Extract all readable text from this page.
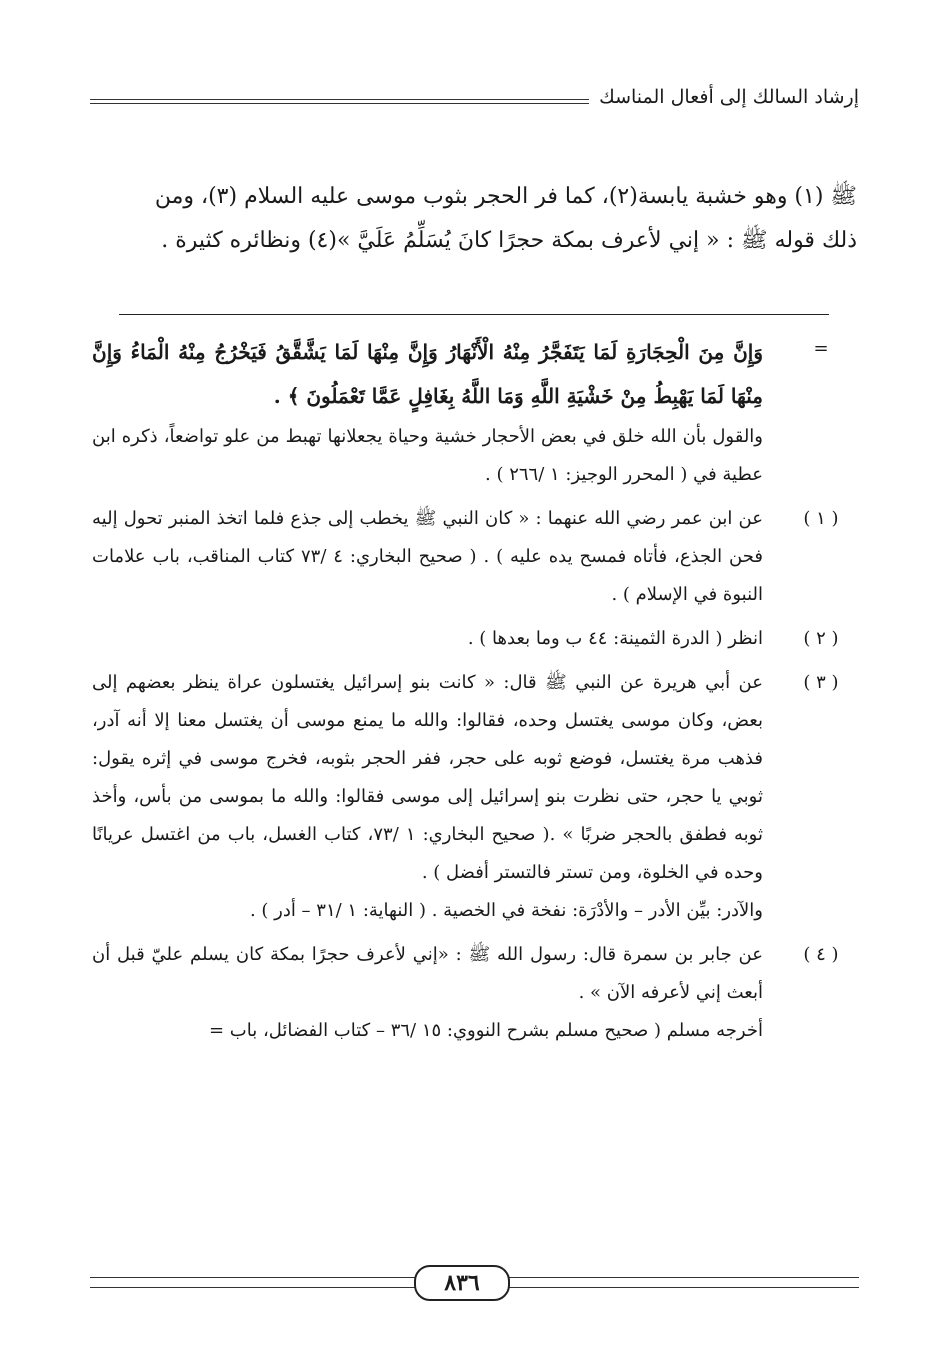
إرشاد السالك إلى أفعال المناسك

ﷺ (١) وهو خشبة يابسة(٢)، كما فر الحجر بثوب موسى عليه السلام (٣)، ومن

ذلك قوله ﷺ : « إني لأعرف بمكة حجرًا كانَ يُسَلِّمُ عَلَيَّ »(٤) ونظائره كثيرة .

=
وَإِنَّ مِنَ الْحِجَارَةِ لَمَا يَتَفَجَّرُ مِنْهُ الْأَنْهَارُ وَإِنَّ مِنْهَا لَمَا يَشَّقَّقُ فَيَخْرُجُ مِنْهُ الْمَاءُ وَإِنَّ مِنْهَا لَمَا يَهْبِطُ مِنْ خَشْيَةِ اللَّهِ وَمَا اللَّهُ بِغَافِلٍ عَمَّا تَعْمَلُونَ ﴾ .
والقول بأن الله خلق في بعض الأحجار خشية وحياة يجعلانها تهبط من علو تواضعاً، ذكره ابن عطية في ( المحرر الوجيز: ١ /٢٦٦ ) .
( ١ )
عن ابن عمر رضي الله عنهما : « كان النبي ﷺ يخطب إلى جذع فلما اتخذ المنبر تحول إليه فحن الجذع، فأتاه فمسح يده عليه ) . ( صحيح البخاري: ٤ /٧٣ كتاب المناقب، باب علامات النبوة في الإسلام ) .
( ٢ )
انظر ( الدرة الثمينة: ٤٤ ب وما بعدها ) .
( ٣ )
عن أبي هريرة عن النبي ﷺ قال: « كانت بنو إسرائيل يغتسلون عراة ينظر بعضهم إلى بعض، وكان موسى يغتسل وحده، فقالوا: والله ما يمنع موسى أن يغتسل معنا إلا أنه آدر، فذهب مرة يغتسل، فوضع ثوبه على حجر، ففر الحجر بثوبه، فخرج موسى في إثره يقول: ثوبي يا حجر، حتى نظرت بنو إسرائيل إلى موسى فقالوا: والله ما بموسى من بأس، وأخذ ثوبه فطفق بالحجر ضربًا » .( صحيح البخاري: ١ /٧٣، كتاب الغسل، باب من اغتسل عريانًا وحده في الخلوة، ومن تستر فالتستر أفضل ) .
والآدر: بيِّن الأدر – والأدْرَة: نفخة في الخصية . ( النهاية: ١ /٣١ – أدر ) .
( ٤ )
عن جابر بن سمرة قال: رسول الله ﷺ : «إني لأعرف حجرًا بمكة كان يسلم عليّ قبل أن أبعث إني لأعرفه الآن » .
أخرجه مسلم ( صحيح مسلم بشرح النووي: ١٥ /٣٦ – كتاب الفضائل، باب =
٨٣٦
